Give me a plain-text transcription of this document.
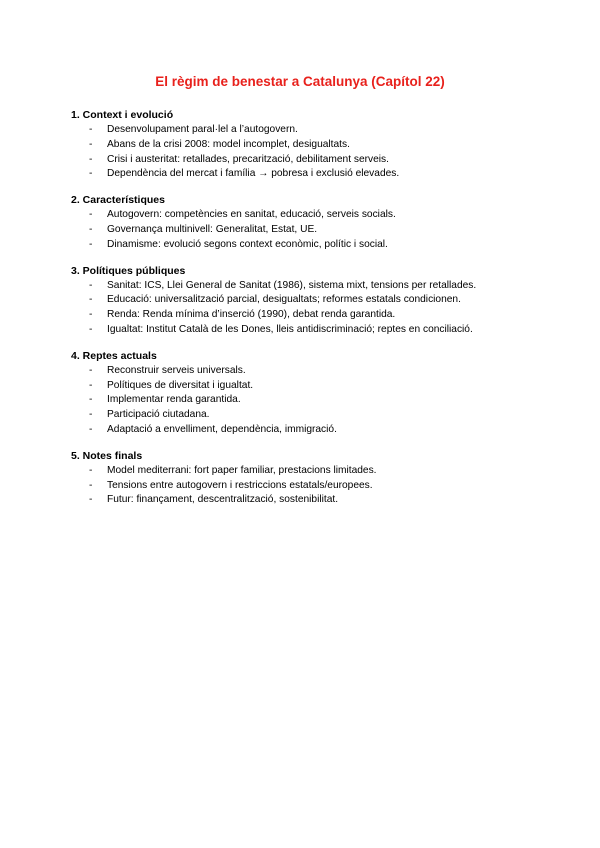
El règim de benestar a Catalunya (Capítol 22)

1. Context i evolució

- Desenvolupament paral·lel a l’autogovern.
- Abans de la crisi 2008: model incomplet, desigualtats.
- Crisi i austeritat: retallades, precarització, debilitament serveis.
- Dependència del mercat i família → pobresa i exclusió elevades.

2. Característiques

- Autogovern: competències en sanitat, educació, serveis socials.
- Governança multinivell: Generalitat, Estat, UE.
- Dinamisme: evolució segons context econòmic, polític i social.

3. Polítiques públiques

- Sanitat: ICS, Llei General de Sanitat (1986), sistema mixt, tensions per retallades.
- Educació: universalització parcial, desigualtats; reformes estatals condicionen.
- Renda: Renda mínima d’inserció (1990), debat renda garantida.
- Igualtat: Institut Català de les Dones, lleis antidiscriminació; reptes en conciliació.

4. Reptes actuals

- Reconstruir serveis universals.
- Polítiques de diversitat i igualtat.
- Implementar renda garantida.
- Participació ciutadana.
- Adaptació a envelliment, dependència, immigració.

5. Notes finals

- Model mediterrani: fort paper familiar, prestacions limitades.
- Tensions entre autogovern i restriccions estatals/europees.
- Futur: finançament, descentralització, sostenibilitat.
